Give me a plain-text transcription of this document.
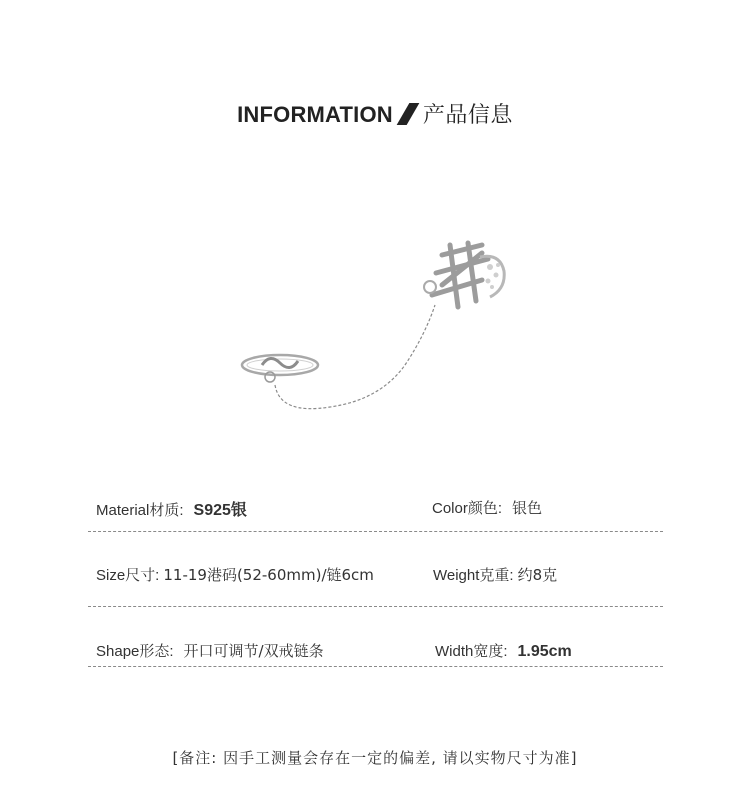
INFORMATION 产品信息
Material材质: S925银	Color颜色: 银色
Size尺寸: 11-19港码(52-60mm)/链6cm	Weight克重: 约8克
Shape形态: 开口可调节/双戒链条	Width宽度: 1.95cm
[备注: 因手工测量会存在一定的偏差, 请以实物尺寸为准]
